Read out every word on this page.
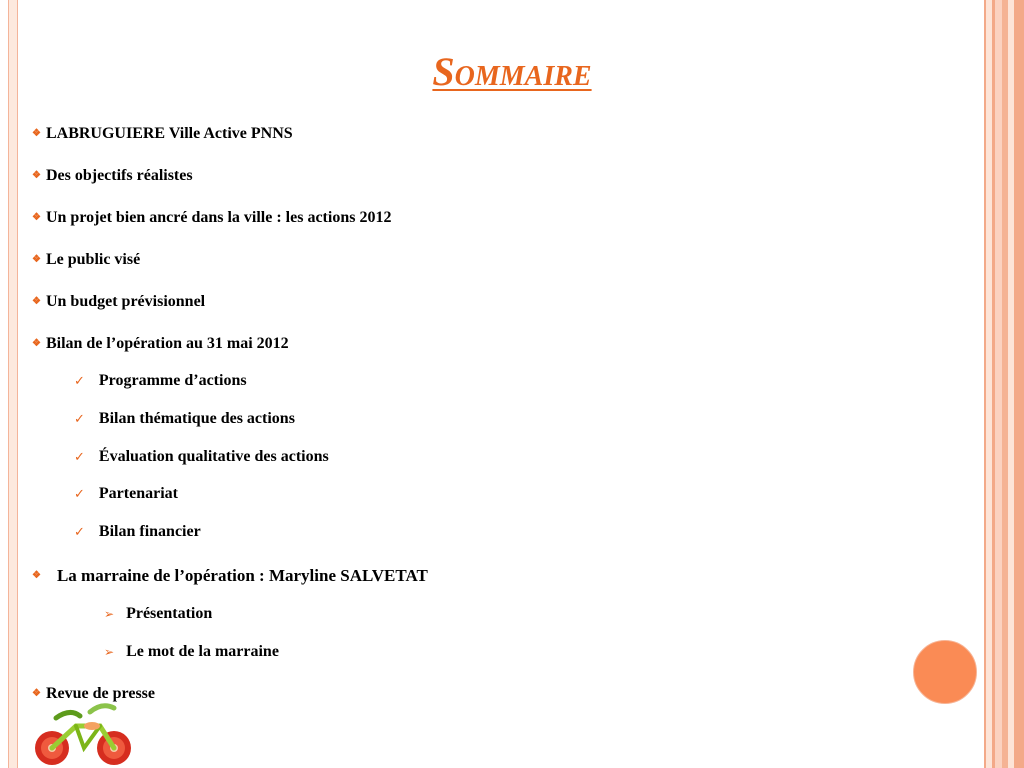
Sommaire
❖ LABRUGUIERE Ville Active PNNS
❖ Des objectifs réalistes
❖ Un projet bien ancré dans la ville : les actions 2012
❖ Le public visé
❖ Un budget prévisionnel
❖ Bilan de l’opération au 31 mai 2012
✓ Programme d’actions
✓ Bilan thématique des actions
✓ Évaluation qualitative des actions
✓ Partenariat
✓ Bilan financier
❖ La marraine de l’opération : Maryline SALVETAT
➢ Présentation
➢ Le mot de la marraine
❖ Revue de presse
